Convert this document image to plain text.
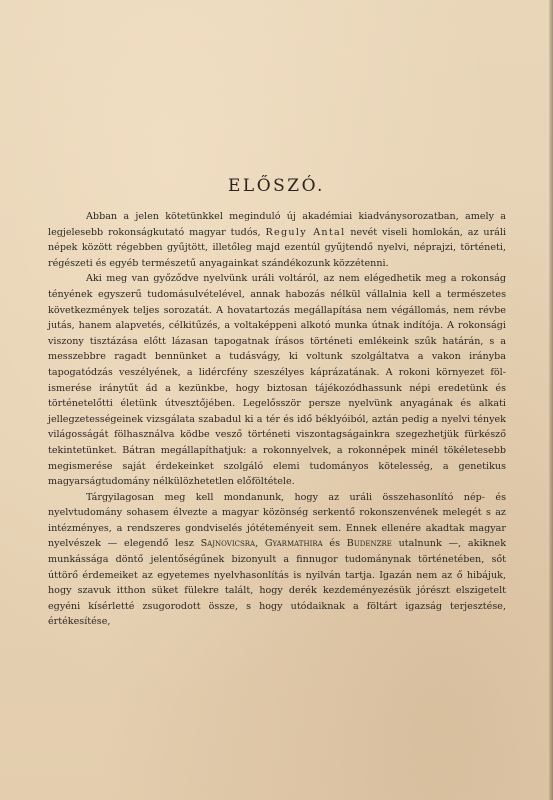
ELŐSZÓ.

Abban a jelen kötetünkkel meginduló új akadémiai kiadványsorozatban, amely a legjelesebb rokonságkutató magyar tudós, Reguly Antal nevét viseli homlokán, az uráli népek között régebben gyűjtött, illetőleg majd ezentúl gyűjtendő nyelvi, néprajzi, történeti, régészeti és egyéb természetű anyagainkat szándékozunk közzétenni.

Aki meg van győződve nyelvünk uráli voltáról, az nem elégedhetik meg a rokonság tényének egyszerű tudomásulvételével, annak habozás nélkül vállalnia kell a természetes következmények teljes sorozatát. A hovatartozás megállapítása nem végállomás, nem révbe jutás, hanem alapvetés, célkitűzés, a voltaképpeni alkotó munka útnak indítója. A rokonsági viszony tisztázása előtt lázasan tapogatnak írásos történeti emlékeink szűk határán, s a messzebbre ragadt bennünket a tudásvágy, ki voltunk szolgáltatva a vakon irányba tapogatódzás veszélyének, a lidércfény szeszélyes káprázatának. A rokoni környezet fölismerése iránytűt ád a kezünkbe, hogy biztosan tájékozódhassunk népi eredetünk és történetelőtti életünk útvesztőjében. Legelősször persze nyelvünk anyagának és alkati jellegzetességeinek vizsgálata szabadul ki a tér és idő béklyóiból, aztán pedig a nyelvi tények világosságát fölhasználva ködbe vesző történeti viszontagságainkra szegezhetjük fürkésző tekintetünket. Bátran megállapíthatjuk: a rokonnyelvek, a rokonnépek minél tökéletesebb megismerése saját érdekeinket szolgáló elemi tudományos kötelesség, a genetikus magyarságtudomány nélkülözhetetlen előföltétele.

Tárgyilagosan meg kell mondanunk, hogy az uráli összehasonlító nép- és nyelvtudomány sohasem élvezte a magyar közönség serkentő rokonszenvének melegét s az intézményes, a rendszeres gondviselés jótéteményeit sem. Ennek ellenére akadtak magyar nyelvészek — elegendő lesz Sajnovicsra, Gyarmathira és Budenzre utalnunk —, akiknek munkássága döntő jelentőségűnek bizonyult a finnugor tudománynak történetében, sőt úttörő érdemeiket az egyetemes nyelvhasonlítás is nyilván tartja. Igazán nem az ő hibájuk, hogy szavuk itthon süket fülekre talált, hogy derék kezdeményezésük jórészt elszigetelt egyéni kísérletté zsugorodott össze, s hogy utódaiknak a föltárt igazság terjesztése, értékesítése,
